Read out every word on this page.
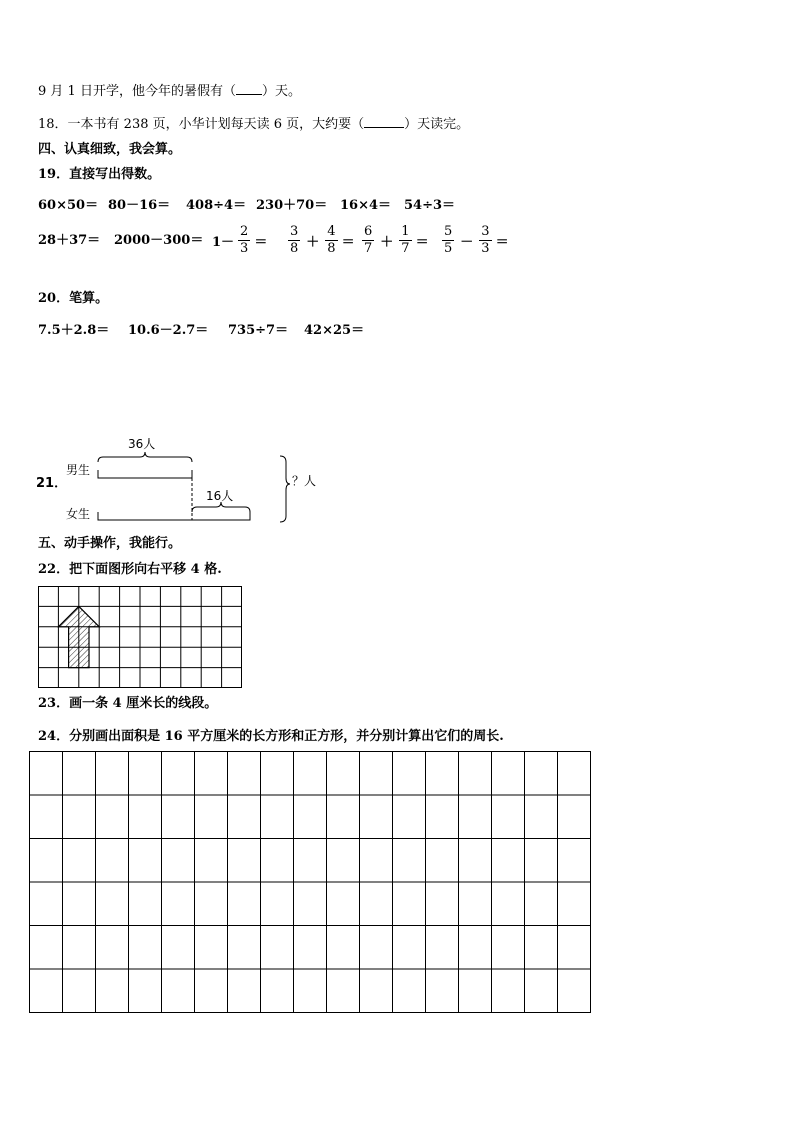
9 月 1 日开学，他今年的暑假有（ ）天。
18．一本书有 238 页，小华计划每天读 6 页，大约要（	）天读完。
四、认真细致，我会算。
19．直接写出得数。
60×50＝ 80－16＝ 408÷4＝ 230＋70＝ 16×4＝ 54÷3＝
$28+37= 2000-300= 1- \frac{2}{3} = \frac{3}{8} + \frac{4}{8} = \frac{6}{7} + \frac{1}{7} = \frac{5}{5} - \frac{3}{3}$ ＝
20．笔算。
7.5＋2.8＝ 10.6－2.7＝ 735÷7＝ 42×25＝
21．
男生
女生
36人
16人
？人
五、动手操作，我能行。
22．把下面图形向右平移 4 格.
23．画一条 4 厘米长的线段。
24．分别画出面积是 16 平方厘米的长方形和正方形，并分别计算出它们的周长.
